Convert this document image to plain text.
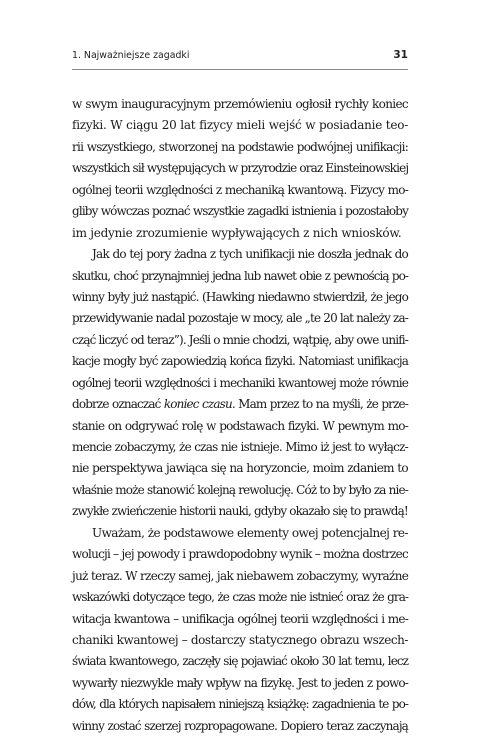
1. Najważniejsze zagadki	31
w swym inauguracyjnym przemówieniu ogłosił rychły koniec
fizyki. W ciągu 20 lat fizycy mieli wejść w posiadanie teo-
rii wszystkiego, stworzonej na podstawie podwójnej unifikacji:
wszystkich sił występujących w przyrodzie oraz Einsteinowskiej
ogólnej teorii względności z mechaniką kwantową. Fizycy mo-
gliby wówczas poznać wszystkie zagadki istnienia i pozostałoby
im jedynie zrozumienie wypływających z nich wniosków.
Jak do tej pory żadna z tych unifikacji nie doszła jednak do
skutku, choć przynajmniej jedna lub nawet obie z pewnością po-
winny były już nastąpić. (Hawking niedawno stwierdził, że jego
przewidywanie nadal pozostaje w mocy, ale „te 20 lat należy za-
cząć liczyć od teraz”). Jeśli o mnie chodzi, wątpię, aby owe unifi-
kacje mogły być zapowiedzią końca fizyki. Natomiast unifikacja
ogólnej teorii względności i mechaniki kwantowej może równie
dobrze oznaczać koniec czasu. Mam przez to na myśli, że prze-
stanie on odgrywać rolę w podstawach fizyki. W pewnym mo-
mencie zobaczymy, że czas nie istnieje. Mimo iż jest to wyłącz-
nie perspektywa jawiąca się na horyzoncie, moim zdaniem to
właśnie może stanowić kolejną rewolucję. Cóż to by było za nie-
zwykłe zwieńczenie historii nauki, gdyby okazało się to prawdą!
Uważam, że podstawowe elementy owej potencjalnej re-
wolucji – jej powody i prawdopodobny wynik – można dostrzec
już teraz. W rzeczy samej, jak niebawem zobaczymy, wyraźne
wskazówki dotyczące tego, że czas może nie istnieć oraz że gra-
witacja kwantowa – unifikacja ogólnej teorii względności i me-
chaniki kwantowej – dostarczy statycznego obrazu wszech-
świata kwantowego, zaczęły się pojawiać około 30 lat temu, lecz
wywarły niezwykle mały wpływ na fizykę. Jest to jeden z powo-
dów, dla których napisałem niniejszą książkę: zagadnienia te po-
winny zostać szerzej rozpropagowane. Dopiero teraz zaczynają
